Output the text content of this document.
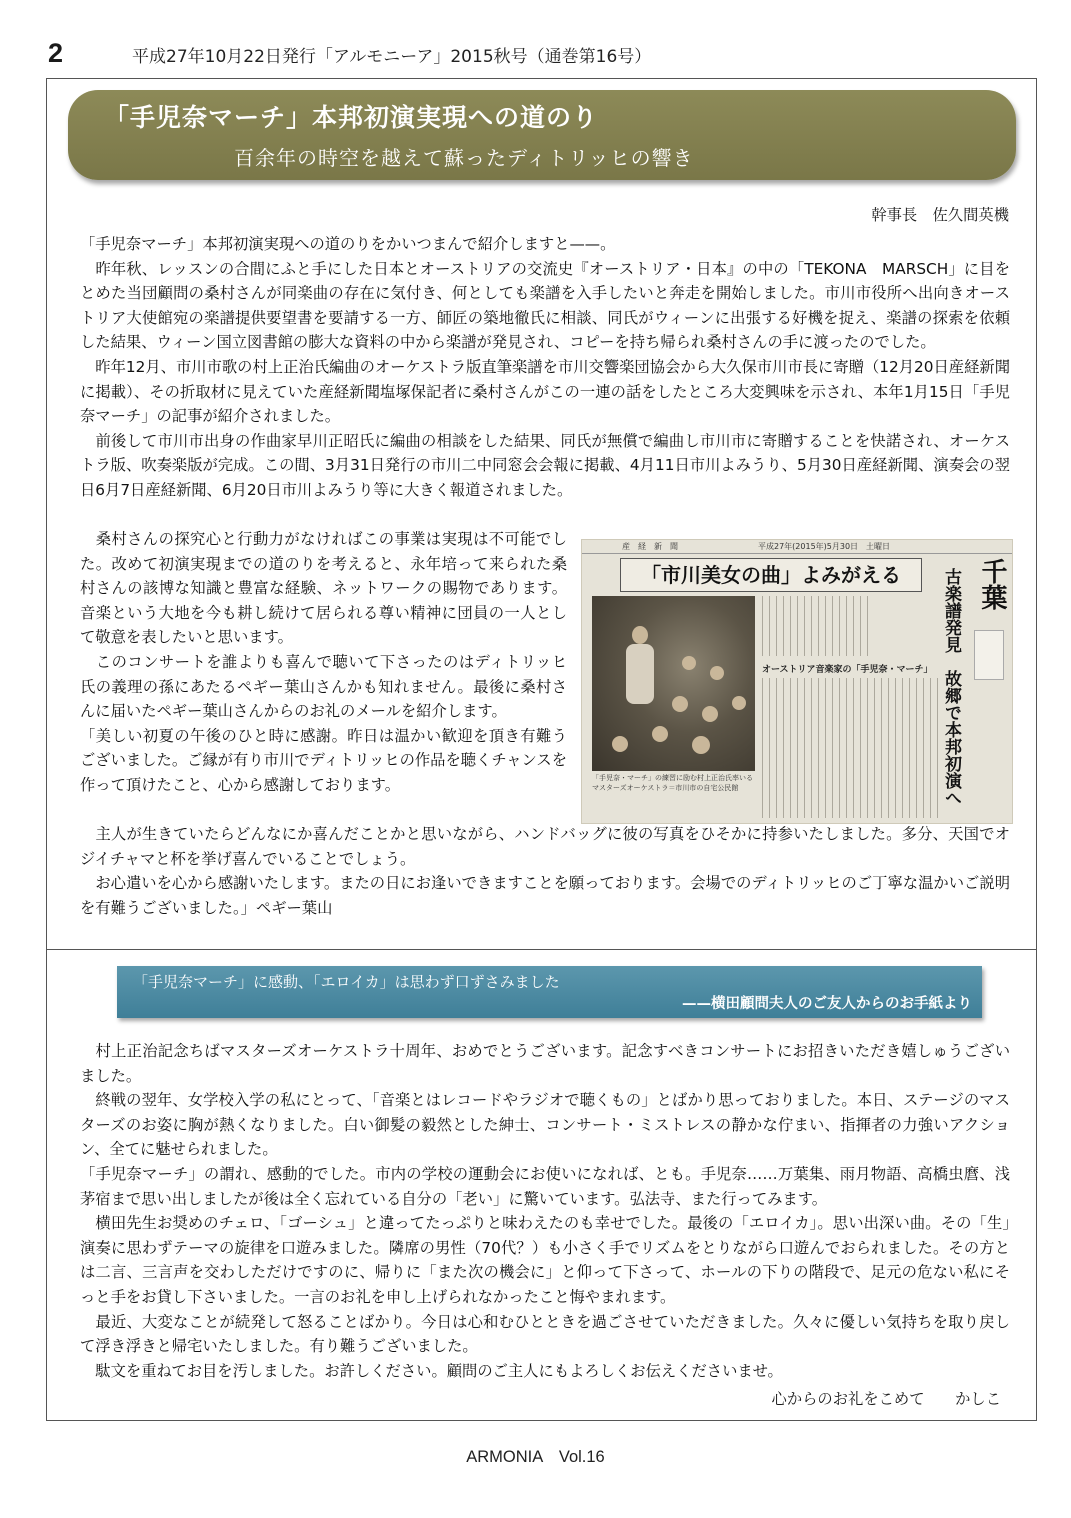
2	平成27年10月22日発行「アルモニーア」2015秋号（通巻第16号）
「手児奈マーチ」本邦初演実現への道のり
百余年の時空を越えて蘇ったディトリッヒの響き
幹事長　佐久間英機

「手児奈マーチ」本邦初演実現への道のりをかいつまんで紹介しますと——。

　昨年秋、レッスンの合間にふと手にした日本とオーストリアの交流史『オーストリア・日本』の中の「TEKONA　MARSCH」に目をとめた当団顧問の桑村さんが同楽曲の存在に気付き、何としても楽譜を入手したいと奔走を開始しました。市川市役所へ出向きオーストリア大使館宛の楽譜提供要望書を要請する一方、師匠の築地徹氏に相談、同氏がウィーンに出張する好機を捉え、楽譜の探索を依頼した結果、ウィーン国立図書館の膨大な資料の中から楽譜が発見され、コピーを持ち帰られ桑村さんの手に渡ったのでした。

　昨年12月、市川市歌の村上正治氏編曲のオーケストラ版直筆楽譜を市川交響楽団協会から大久保市川市長に寄贈（12月20日産経新聞に掲載）、その折取材に見えていた産経新聞塩塚保記者に桑村さんがこの一連の話をしたところ大変興味を示され、本年1月15日「手児奈マーチ」の記事が紹介されました。

　前後して市川市出身の作曲家早川正昭氏に編曲の相談をした結果、同氏が無償で編曲し市川市に寄贈することを快諾され、オーケストラ版、吹奏楽版が完成。この間、3月31日発行の市川二中同窓会会報に掲載、4月11日市川よみうり、5月30日産経新聞、演奏会の翌日6月7日産経新聞、6月20日市川よみうり等に大きく報道されました。

　桑村さんの探究心と行動力がなければこの事業は実現は不可能でした。改めて初演実現までの道のりを考えると、永年培って来られた桑村さんの該博な知識と豊富な経験、ネットワークの賜物であります。音楽という大地を今も耕し続けて居られる尊い精神に団員の一人として敬意を表したいと思います。

　このコンサートを誰よりも喜んで聴いて下さったのはディトリッヒ氏の義理の孫にあたるペギー葉山さんかも知れません。最後に桑村さんに届いたペギー葉山さんからのお礼のメールを紹介します。

「美しい初夏の午後のひと時に感謝。昨日は温かい歓迎を頂き有難うございました。ご縁が有り市川でディトリッヒの作品を聴くチャンスを作って頂けたこと、心から感謝しております。

産　経　新　聞　　　　　　　　　　平成27年(2015年)5月30日　土曜日
「市川美女の曲」よみがえる
「手児奈・マーチ」の練習に励む村上正治氏率いるマスターズオーケストラ＝市川市の自宅公民館
オーストリア音楽家の「手児奈・マーチ」 古楽譜発見　故郷で本邦初演へ 千葉

　主人が生きていたらどんなにか喜んだことかと思いながら、ハンドバッグに彼の写真をひそかに持参いたしました。多分、天国でオジイチャマと杯を挙げ喜んでいることでしょう。

　お心遣いを心から感謝いたします。またの日にお逢いできますことを願っております。会場でのディトリッヒのご丁寧な温かいご説明を有難うございました。」ペギー葉山

「手児奈マーチ」に感動、「エロイカ」は思わず口ずさみました
——横田顧問夫人のご友人からのお手紙より

　村上正治記念ちばマスターズオーケストラ十周年、おめでとうございます。記念すべきコンサートにお招きいただき嬉しゅうございました。

　終戦の翌年、女学校入学の私にとって、「音楽とはレコードやラジオで聴くもの」とばかり思っておりました。本日、ステージのマスターズのお姿に胸が熱くなりました。白い御髪の毅然とした紳士、コンサート・ミストレスの静かな佇まい、指揮者の力強いアクション、全てに魅せられました。

「手児奈マーチ」の謂れ、感動的でした。市内の学校の運動会にお使いになれば、とも。手児奈……万葉集、雨月物語、高橋虫麿、浅茅宿まで思い出しましたが後は全く忘れている自分の「老い」に驚いています。弘法寺、また行ってみます。

　横田先生お奨めのチェロ、「ゴーシュ」と違ってたっぷりと味わえたのも幸せでした。最後の「エロイカ」。思い出深い曲。その「生」演奏に思わずテーマの旋律を口遊みました。隣席の男性（70代？）も小さく手でリズムをとりながら口遊んでおられました。その方とは二言、三言声を交わしただけですのに、帰りに「また次の機会に」と仰って下さって、ホールの下りの階段で、足元の危ない私にそっと手をお貸し下さいました。一言のお礼を申し上げられなかったこと悔やまれます。

　最近、大変なことが続発して怒ることばかり。今日は心和むひとときを過ごさせていただきました。久々に優しい気持ちを取り戻して浮き浮きと帰宅いたしました。有り難うございました。

　駄文を重ねてお目を汚しました。お許しください。顧問のご主人にもよろしくお伝えくださいませ。

心からのお礼をこめて　　かしこ
ARMONIA　Vol.16
